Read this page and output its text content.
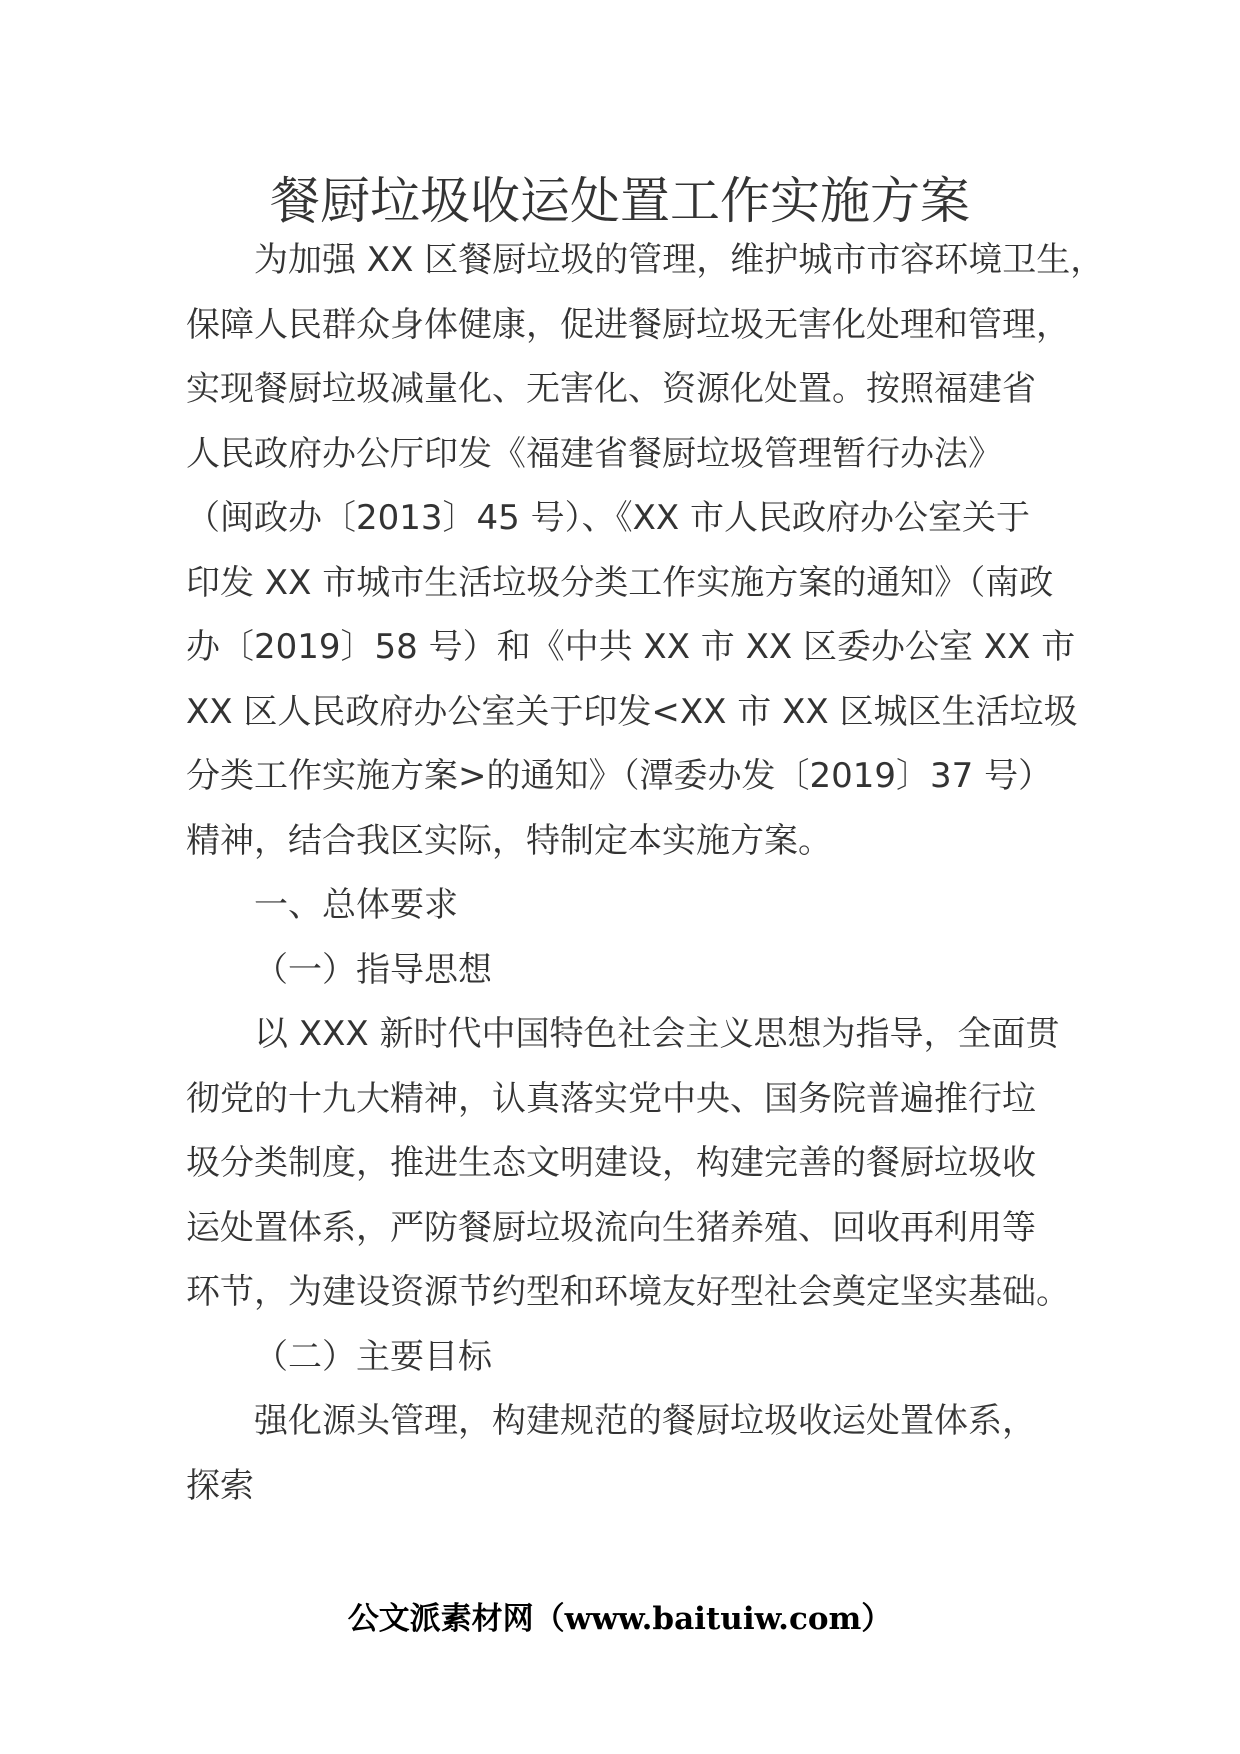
餐厨垃圾收运处置工作实施方案
为加强 XX 区餐厨垃圾的管理，维护城市市容环境卫生，
保障人民群众身体健康，促进餐厨垃圾无害化处理和管理，
实现餐厨垃圾减量化、无害化、资源化处置。按照福建省
人民政府办公厅印发《福建省餐厨垃圾管理暂行办法》
（闽政办〔2013〕45 号）、《XX 市人民政府办公室关于
印发 XX 市城市生活垃圾分类工作实施方案的通知》（南政
办〔2019〕58 号）和《中共 XX 市 XX 区委办公室 XX 市
XX 区人民政府办公室关于印发<XX 市 XX 区城区生活垃圾
分类工作实施方案>的通知》（潭委办发〔2019〕37 号）
精神，结合我区实际，特制定本实施方案。
一、总体要求
（一）指导思想
以 XXX 新时代中国特色社会主义思想为指导，全面贯
彻党的十九大精神，认真落实党中央、国务院普遍推行垃
圾分类制度，推进生态文明建设，构建完善的餐厨垃圾收
运处置体系，严防餐厨垃圾流向生猪养殖、回收再利用等
环节，为建设资源节约型和环境友好型社会奠定坚实基础。
（二）主要目标
强化源头管理，构建规范的餐厨垃圾收运处置体系，
探索
公文派素材网（www.baituiw.com）
